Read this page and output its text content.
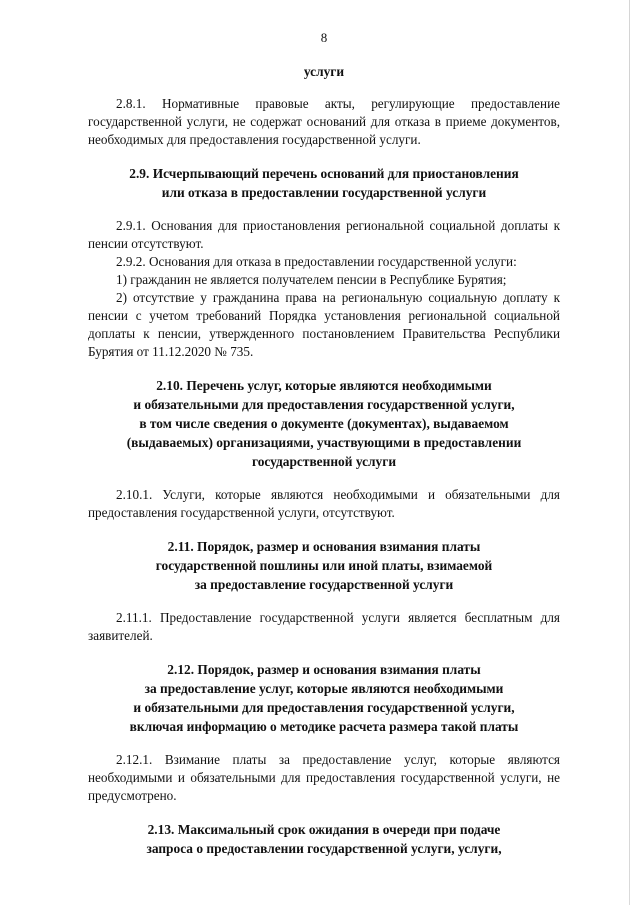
8

услуги

2.8.1. Нормативные правовые акты, регулирующие предоставление государственной услуги, не содержат оснований для отказа в приеме документов, необходимых для предоставления государственной услуги.

2.9. Исчерпывающий перечень оснований для приостановления
или отказа в предоставлении государственной услуги

2.9.1. Основания для приостановления региональной социальной доплаты к пенсии отсутствуют.

2.9.2. Основания для отказа в предоставлении государственной услуги:

1) гражданин не является получателем пенсии в Республике Бурятия;

2) отсутствие у гражданина права на региональную социальную доплату к пенсии с учетом требований Порядка установления региональной социальной доплаты к пенсии, утвержденного постановлением Правительства Республики Бурятия от 11.12.2020 № 735.

2.10. Перечень услуг, которые являются необходимыми
и обязательными для предоставления государственной услуги,
в том числе сведения о документе (документах), выдаваемом
(выдаваемых) организациями, участвующими в предоставлении
государственной услуги

2.10.1. Услуги, которые являются необходимыми и обязательными для предоставления государственной услуги, отсутствуют.

2.11. Порядок, размер и основания взимания платы
государственной пошлины или иной платы, взимаемой
за предоставление государственной услуги

2.11.1. Предоставление государственной услуги является бесплатным для заявителей.

2.12. Порядок, размер и основания взимания платы
за предоставление услуг, которые являются необходимыми
и обязательными для предоставления государственной услуги,
включая информацию о методике расчета размера такой платы

2.12.1. Взимание платы за предоставление услуг, которые являются необходимыми и обязательными для предоставления государственной услуги, не предусмотрено.

2.13. Максимальный срок ожидания в очереди при подаче
запроса о предоставлении государственной услуги, услуги,
